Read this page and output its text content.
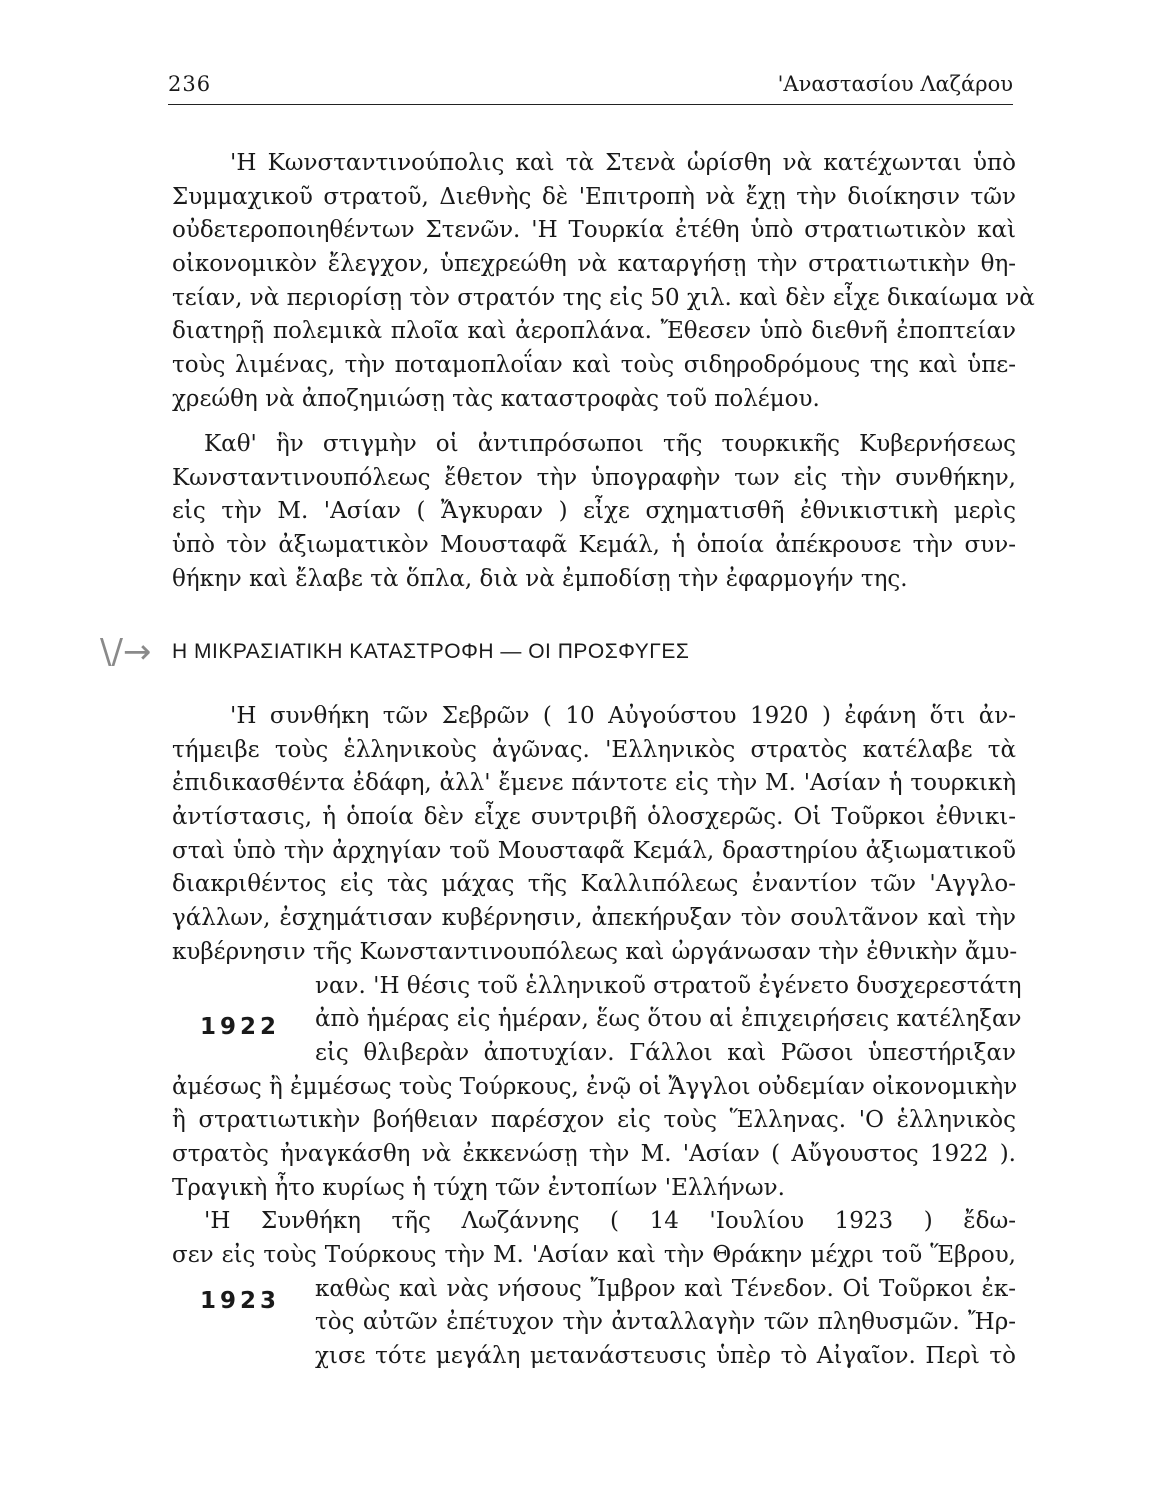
236	'Αναστασίου Λαζάρου
'Η Κωνσταντινούπολις καὶ τὰ Στενὰ ὡρίσθη νὰ κατέχωνται ὑπὸ
Συμμαχικοῦ στρατοῦ, Διεθνὴς δὲ 'Επιτροπὴ νὰ ἔχῃ τὴν διοίκησιν τῶν
οὐδετεροποιηθέντων Στενῶν. 'Η Τουρκία ἐτέθη ὑπὸ στρατιωτικὸν καὶ
οἰκονομικὸν ἔλεγχον, ὑπεχρεώθη νὰ καταργήσῃ τὴν στρατιωτικὴν θη-
τείαν, νὰ περιορίσῃ τὸν στρατόν της εἰς 50 χιλ. καὶ δὲν εἶχε δικαίωμα νὰ
διατηρῇ πολεμικὰ πλοῖα καὶ ἀεροπλάνα. Ἔθεσεν ὑπὸ διεθνῆ ἐποπτείαν
τοὺς λιμένας, τὴν ποταμοπλοΐαν καὶ τοὺς σιδηροδρόμους της καὶ ὑπε-
χρεώθη νὰ ἀποζημιώσῃ τὰς καταστροφὰς τοῦ πολέμου.
Καθ' ἣν στιγμὴν οἱ ἀντιπρόσωποι τῆς τουρκικῆς Κυβερνήσεως
Κωνσταντινουπόλεως ἔθετον τὴν ὑπογραφὴν των εἰς τὴν συνθήκην,
εἰς τὴν Μ. 'Ασίαν ( Ἄγκυραν ) εἶχε σχηματισθῆ ἐθνικιστικὴ μερὶς
ὑπὸ τὸν ἀξιωματικὸν Μουσταφᾶ Κεμάλ, ἡ ὁποία ἀπέκρουσε τὴν συν-
θήκην καὶ ἔλαβε τὰ ὅπλα, διὰ νὰ ἐμποδίσῃ τὴν ἐφαρμογήν της.
\/→ Η ΜΙΚΡΑΣΙΑΤΙΚΗ ΚΑΤΑΣΤΡΟΦΗ — ΟΙ ΠΡΟΣΦΥΓΕΣ
'Η συνθήκη τῶν Σεβρῶν ( 10 Αὐγούστου 1920 ) ἐφάνη ὅτι ἀν-
τήμειβε τοὺς ἑλληνικοὺς ἀγῶνας. 'Ελληνικὸς στρατὸς κατέλαβε τὰ
ἐπιδικασθέντα ἐδάφη, ἀλλ' ἔμενε πάντοτε εἰς τὴν Μ. 'Ασίαν ἡ τουρκικὴ
ἀντίστασις, ἡ ὁποία δὲν εἶχε συντριβῆ ὁλοσχερῶς. Οἱ Τοῦρκοι ἐθνικι-
σταὶ ὑπὸ τὴν ἀρχηγίαν τοῦ Μουσταφᾶ Κεμάλ, δραστηρίου ἀξιωματικοῦ
διακριθέντος εἰς τὰς μάχας τῆς Καλλιπόλεως ἐναντίον τῶν 'Αγγλο-
γάλλων, ἐσχημάτισαν κυβέρνησιν, ἀπεκήρυξαν τὸν σουλτᾶνον καὶ τὴν
κυβέρνησιν τῆς Κωνσταντινουπόλεως καὶ ὠργάνωσαν τὴν ἐθνικὴν ἄμυ-
ναν. 'Η θέσις τοῦ ἑλληνικοῦ στρατοῦ ἐγένετο δυσχερεστάτη
ἀπὸ ἡμέρας εἰς ἡμέραν, ἕως ὅτου αἱ ἐπιχειρήσεις κατέληξαν
εἰς θλιβερὰν ἀποτυχίαν. Γάλλοι καὶ Ρῶσοι ὑπεστήριξαν
ἀμέσως ἢ ἐμμέσως τοὺς Τούρκους, ἐνῷ οἱ Ἄγγλοι οὐδεμίαν οἰκονομικὴν
ἢ στρατιωτικὴν βοήθειαν παρέσχον εἰς τοὺς Ἕλληνας. 'Ο ἑλληνικὸς
στρατὸς ἠναγκάσθη νὰ ἐκκενώσῃ τὴν Μ. 'Ασίαν ( Αὔγουστος 1922 ).
Τραγικὴ ἦτο κυρίως ἡ τύχη τῶν ἐντοπίων 'Ελλήνων.
'Η Συνθήκη τῆς Λωζάννης ( 14 'Ιουλίου 1923 ) ἔδω-
σεν εἰς τοὺς Τούρκους τὴν Μ. 'Ασίαν καὶ τὴν Θράκην μέχρι τοῦ Ἕβρου,
καθὼς καὶ νὰς νήσους Ἴμβρον καὶ Τένεδον. Οἱ Τοῦρκοι ἐκ-
τὸς αὐτῶν ἐπέτυχον τὴν ἀνταλλαγὴν τῶν πληθυσμῶν. Ἤρ-
χισε τότε μεγάλη μετανάστευσις ὑπὲρ τὸ Αἰγαῖον. Περὶ τὸ
1922
1923
